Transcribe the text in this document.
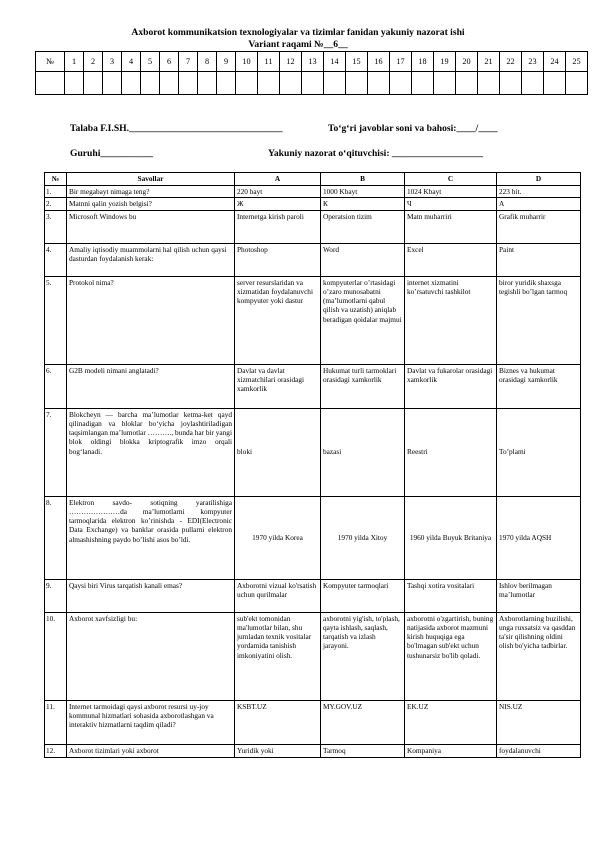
Axborot kommunikatsion texnologiyalar va tizimlar fanidan yakuniy nazorat ishi
Variant raqami №__6__
№	1	2	3	4	5	6	7	8	9	10	11	12	13	14	15	16	17	18	19	20	21	22	23	24	25

Talaba F.I.SH.________________________________	To‘g‘ri javoblar soni va bahosi:____/____
Guruhi___________	Yakuniy nazorat o‘qituvchisi: ___________________
№	Savollar	A	B	C	D
1.	Bir megabayt nimaga teng?	220 bayt	1000 Kbayt	1024 Kbayt	223 bit.
2.	Matnni qalin yozish belgisi?	Ж	К	Ч	А
3.	Microsoft Windows bu	Internetga kirish paroli	Operatsion tizim	Matn muharriri	Grafik muharrir
4.	Amaliy iqtisodiy muammolarni hal qilish uchun qaysi dasturdan foydalanish kerak:	Photoshop	Word	Excel	Paint
5.	Protokol nima?	server resurslaridan va xizmatidan foydalanuvchi kompyuter yoki dastur	kompyuterlar o’rtasidagi o’zaro munosabatni (ma’lumotlarni qabul qilish va uzatish) aniqlab beradigan qoidalar majmui	internet xizmatini ko’rsatuvchi tashkilot	biror yuridik shaxsga tegishli bo’lgan tarmoq
6.	G2B modeli nimani anglatadi?	Davlat va davlat xizmatchilari orasidagi xamkorlik	Hukumat turli tarmoklari orasidagi xamkorlik	Davlat va fukarolar orasidagi xamkorlik	Biznes va hukumat orasidagi xamkorlik
7.	Blokcheyn — barcha ma’lumotlar ketma-ket qayd qilinadigan va bloklar bo‘yicha joylashtiriladigan taqsimlangan ma’lumotlar ………., bunda har bir yangi blok oldingi blokka kriptografik imzo orqali bog‘lanadi.	bloki	bazasi	Reestri	To’plami
8.	Elektron savdo- sotiqning yaratilishiga …………………da ma’lumotlarni kompyuter tarmoqlarida elektron ko’rinishda - EDI(Electronic Data Exchange) va banklar orasida pullarni elektron almashishning paydo bo’lishi asos bo’ldi.	1970 yilda Korea	1970 yilda Xitoy	1960 yilda Buyuk Britaniya	1970 yilda AQSH
9.	Qaysi biri Virus tarqatish kanali emas?	Axborotni vizual ko'rsatish uchun qurilmalar	Kompyuter tarmoqlari	Tashqi xotira vositalari	Ishlov berilmagan ma’lumotlar
10.	Axborot xavfsizligi bu:	sub'ekt tomonidan ma'lumotlar bilan, shu jumladan texnik vositalar yordamida tanishish imkoniyatini olish.	axborotni yig'ish, to'plash, qayta ishlash, saqlash, tarqatish va izlash jarayoni.	axborotni o'zgartirish, buning natijasida axborot mazmuni kirish huquqiga ega bo'lmagan sub'ekt uchun tushunarsiz bo'lib qoladi.	Axborotlarning buzilishi, unga ruxsatsiz va qasddan ta'sir qilishning oldini olish bo'yicha tadbirlar.
11.	Internet tarmoidagi qaysi axborot resursi uy-joy kommunal hizmatlari sohasida axborotlashgan va interaktiv hizmatlarni taqdim qiladi?	KSBT.UZ	MY.GOV.UZ	EK.UZ	NIS.UZ
12.	Axborot tizimlari yoki axborot	Yuridik yoki	Tarmoq	Kompaniya	foydalanuvchi
